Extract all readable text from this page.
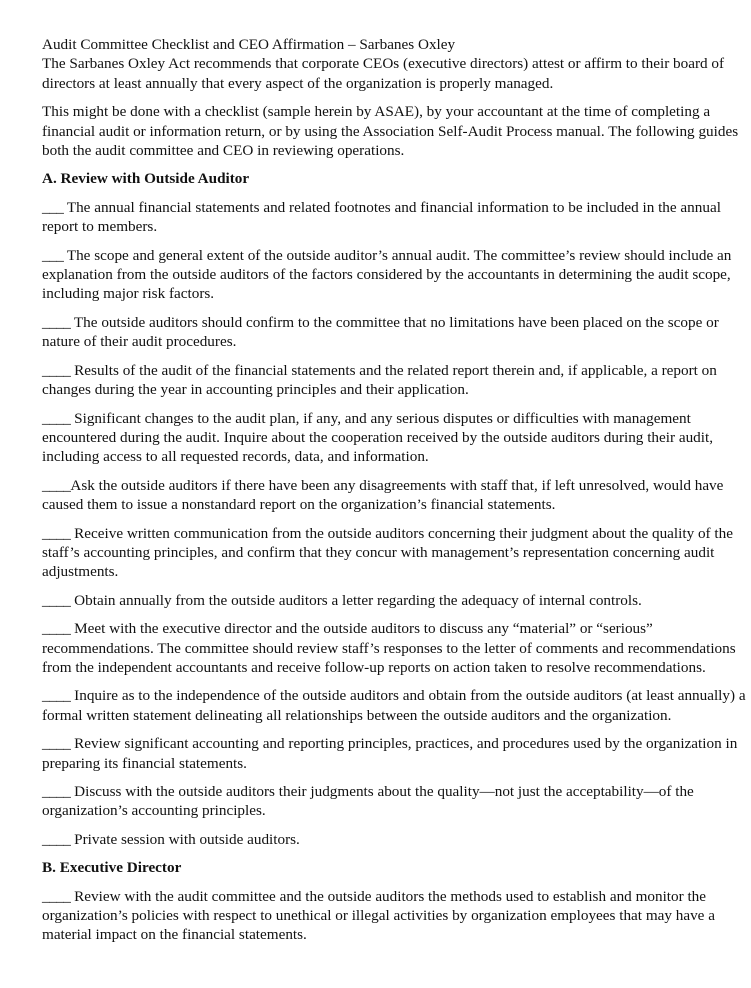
Audit Committee Checklist and CEO Affirmation – Sarbanes Oxley

The Sarbanes Oxley Act recommends that corporate CEOs (executive directors) attest or affirm to their board of directors at least annually that every aspect of the organization is properly managed.

This might be done with a checklist (sample herein by ASAE), by your accountant at the time of completing a financial audit or information return, or by using the Association Self-Audit Process manual. The following guides both the audit committee and CEO in reviewing operations.

A. Review with Outside Auditor

___ The annual financial statements and related footnotes and financial information to be included in the annual report to members.

___ The scope and general extent of the outside auditor’s annual audit. The committee’s review should include an explanation from the outside auditors of the factors considered by the accountants in determining the audit scope, including major risk factors.

____ The outside auditors should confirm to the committee that no limitations have been placed on the scope or nature of their audit procedures.

____ Results of the audit of the financial statements and the related report therein and, if applicable, a report on changes during the year in accounting principles and their application.

____ Significant changes to the audit plan, if any, and any serious disputes or difficulties with management encountered during the audit. Inquire about the cooperation received by the outside auditors during their audit, including access to all requested records, data, and information.

____Ask the outside auditors if there have been any disagreements with staff that, if left unresolved, would have caused them to issue a nonstandard report on the organization’s financial statements.

____ Receive written communication from the outside auditors concerning their judgment about the quality of the staff’s accounting principles, and confirm that they concur with management’s representation concerning audit adjustments.

____ Obtain annually from the outside auditors a letter regarding the adequacy of internal controls.

____ Meet with the executive director and the outside auditors to discuss any “material” or “serious” recommendations. The committee should review staff’s responses to the letter of comments and recommendations from the independent accountants and receive follow-up reports on action taken to resolve recommendations.

____ Inquire as to the independence of the outside auditors and obtain from the outside auditors (at least annually) a formal written statement delineating all relationships between the outside auditors and the organization.

____ Review significant accounting and reporting principles, practices, and procedures used by the organization in preparing its financial statements.

____ Discuss with the outside auditors their judgments about the quality—not just the acceptability—of the organization’s accounting principles.

____ Private session with outside auditors.

B. Executive Director

____ Review with the audit committee and the outside auditors the methods used to establish and monitor the organization’s policies with respect to unethical or illegal activities by organization employees that may have a material impact on the financial statements.
